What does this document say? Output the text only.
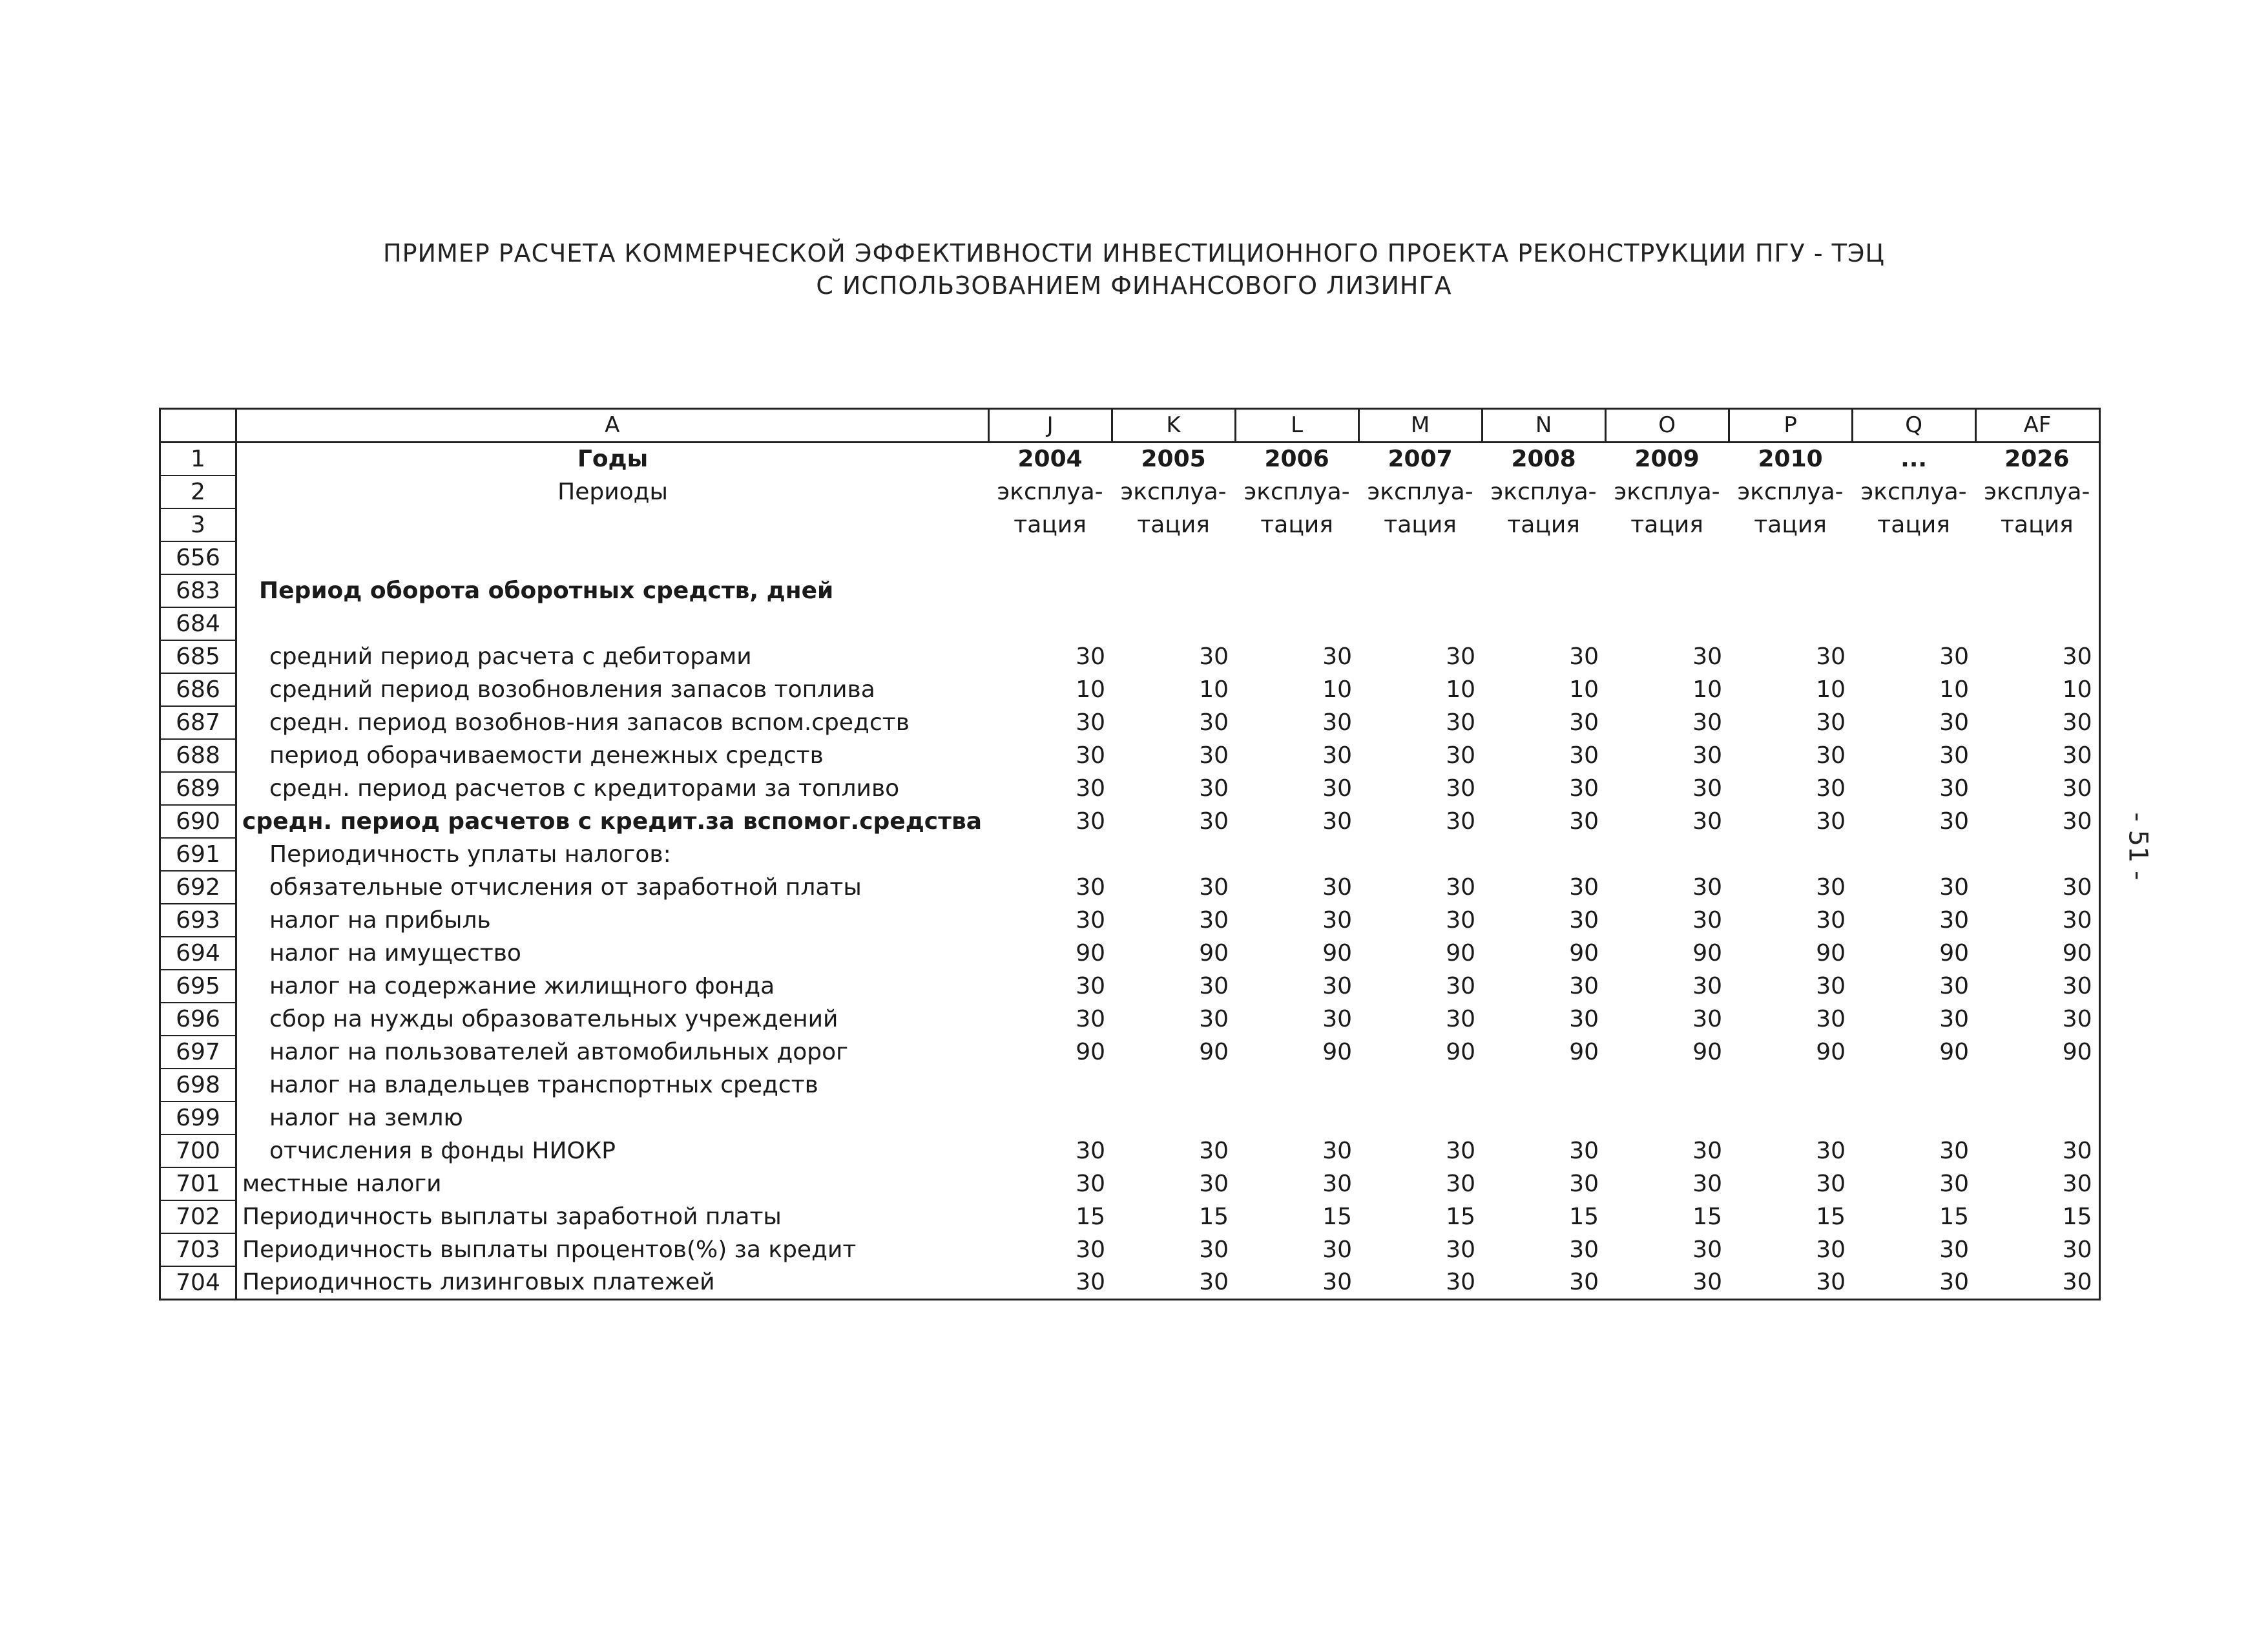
ПРИМЕР РАСЧЕТА КОММЕРЧЕСКОЙ ЭФФЕКТИВНОСТИ ИНВЕСТИЦИОННОГО ПРОЕКТА РЕКОНСТРУКЦИИ ПГУ - ТЭЦ
С ИСПОЛЬЗОВАНИЕМ ФИНАНСОВОГО ЛИЗИНГА
- 51 -
	A	J	K	L	M	N	O	P	Q	AF
1	Годы	2004	2005	2006	2007	2008	2009	2010	...	2026
2	Периоды	эксплуа-	эксплуа-	эксплуа-	эксплуа-	эксплуа-	эксплуа-	эксплуа-	эксплуа-	эксплуа-
3		тация	тация	тация	тация	тация	тация	тация	тация	тация
656										
683	Период оборота оборотных средств, дней									
684										
685	средний период расчета с дебиторами	30	30	30	30	30	30	30	30	30
686	средний период возобновления запасов топлива	10	10	10	10	10	10	10	10	10
687	средн. период возобнов-ния запасов вспом.средств	30	30	30	30	30	30	30	30	30
688	период оборачиваемости денежных средств	30	30	30	30	30	30	30	30	30
689	средн. период расчетов с кредиторами за топливо	30	30	30	30	30	30	30	30	30
690	средн. период расчетов с кредит.за вспомог.средства	30	30	30	30	30	30	30	30	30
691	Периодичность уплаты налогов:									
692	обязательные отчисления от заработной платы	30	30	30	30	30	30	30	30	30
693	налог на прибыль	30	30	30	30	30	30	30	30	30
694	налог на имущество	90	90	90	90	90	90	90	90	90
695	налог на содержание жилищного фонда	30	30	30	30	30	30	30	30	30
696	сбор на нужды образовательных учреждений	30	30	30	30	30	30	30	30	30
697	налог на пользователей автомобильных дорог	90	90	90	90	90	90	90	90	90
698	налог на владельцев транспортных средств									
699	налог на землю									
700	отчисления в фонды НИОКР	30	30	30	30	30	30	30	30	30
701	местные налоги	30	30	30	30	30	30	30	30	30
702	Периодичность выплаты заработной платы	15	15	15	15	15	15	15	15	15
703	Периодичность выплаты процентов(%) за кредит	30	30	30	30	30	30	30	30	30
704	Периодичность лизинговых платежей	30	30	30	30	30	30	30	30	30
